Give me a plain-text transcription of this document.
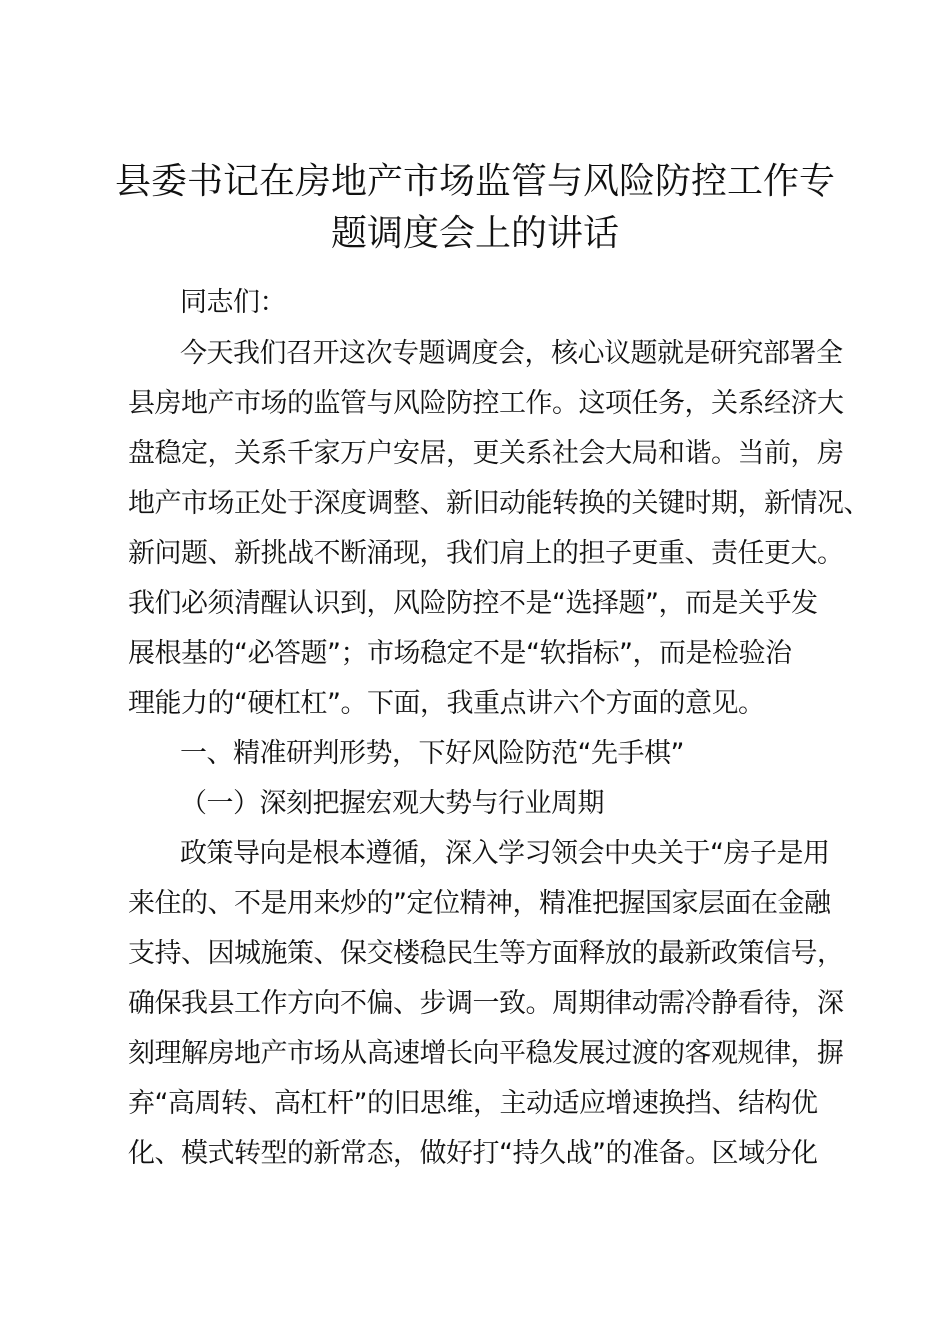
县委书记在房地产市场监管与风险防控工作专
题调度会上的讲话
同志们：
今天我们召开这次专题调度会，核心议题就是研究部署全
县房地产市场的监管与风险防控工作。这项任务，关系经济大
盘稳定，关系千家万户安居，更关系社会大局和谐。当前，房
地产市场正处于深度调整、新旧动能转换的关键时期，新情况、
新问题、新挑战不断涌现，我们肩上的担子更重、责任更大。
我们必须清醒认识到，风险防控不是“选择题”，而是关乎发
展根基的“必答题”；市场稳定不是“软指标”，而是检验治
理能力的“硬杠杠”。下面，我重点讲六个方面的意见。
一、精准研判形势，下好风险防范“先手棋”
（一）深刻把握宏观大势与行业周期
政策导向是根本遵循，深入学习领会中央关于“房子是用
来住的、不是用来炒的”定位精神，精准把握国家层面在金融
支持、因城施策、保交楼稳民生等方面释放的最新政策信号，
确保我县工作方向不偏、步调一致。周期律动需冷静看待，深
刻理解房地产市场从高速增长向平稳发展过渡的客观规律，摒
弃“高周转、高杠杆”的旧思维，主动适应增速换挡、结构优
化、模式转型的新常态，做好打“持久战”的准备。区域分化
